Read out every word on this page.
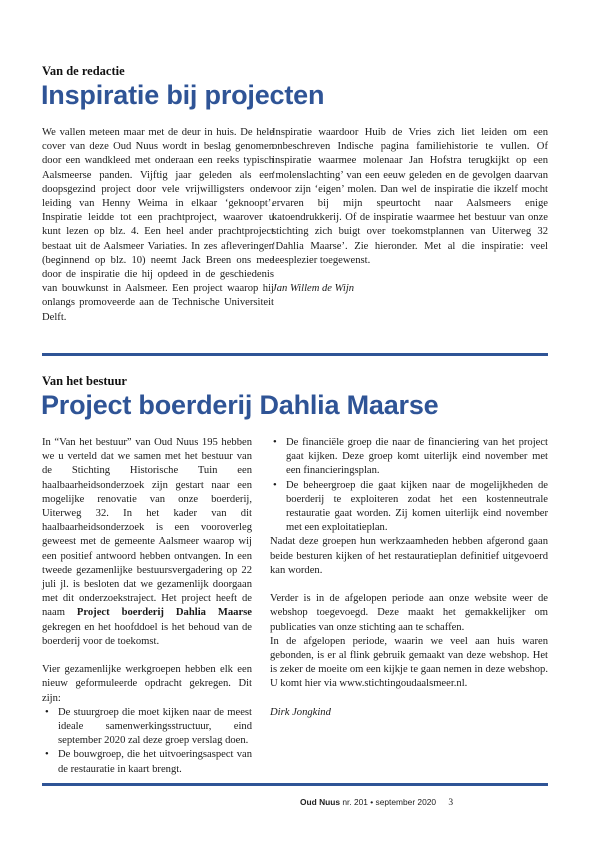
Van de redactie
Inspiratie bij projecten

We vallen meteen maar met de deur in huis. De hele cover van deze Oud Nuus wordt in beslag genomen door een wandkleed met onderaan een reeks typisch Aalsmeerse panden. Vijftig jaar geleden als een doopsgezind project door vele vrijwilligsters onder leiding van Henny Weima in elkaar ‘geknoopt’. Inspiratie leidde tot een prachtproject, waarover u kunt lezen op blz. 4. Een heel ander prachtproject bestaat uit de Aalsmeer Variaties. In zes afleveringen (beginnend op blz. 10) neemt Jack Breen ons mee door de inspiratie die hij opdeed in de geschiedenis van bouwkunst in Aalsmeer. Een project waarop hij onlangs promoveerde aan de Technische Universiteit Delft.

Inspiratie waardoor Huib de Vries zich liet leiden om een onbeschreven Indische pagina familiehistorie te vullen. Of inspiratie waarmee molenaar Jan Hofstra terugkijkt op een ‘molenslachting’ van een eeuw geleden en de gevolgen daarvan voor zijn ‘eigen’ molen. Dan wel de inspiratie die ikzelf mocht ervaren bij mijn speurtocht naar Aalsmeers enige katoendrukkerij. Of de inspiratie waarmee het bestuur van onze stichting zich buigt over toekomstplannen van Uiterweg 32 ‘Dahlia Maarse’. Zie hieronder. Met al die inspiratie: veel leesplezier toegewenst.

Jan Willem de Wijn

Van het bestuur
Project boerderij Dahlia Maarse

In “Van het bestuur” van Oud Nuus 195 hebben we u verteld dat we samen met het bestuur van de Stichting Historische Tuin een haalbaarheidsonderzoek zijn gestart naar een mogelijke renovatie van onze boerderij, Uiterweg 32. In het kader van dit haalbaarheidsonderzoek is een vooroverleg geweest met de gemeente Aalsmeer waarop wij een positief antwoord hebben ontvangen. In een tweede gezamenlijke bestuursvergadering op 22 juli jl. is besloten dat we gezamenlijk doorgaan met dit onderzoekstraject. Het project heeft de naam Project boerderij Dahlia Maarse gekregen en het hoofddoel is het behoud van de boerderij voor de toekomst.

Vier gezamenlijke werkgroepen hebben elk een nieuw geformuleerde opdracht gekregen. Dit zijn:

• De stuurgroep die moet kijken naar de meest ideale samenwerkingsstructuur, eind september 2020 zal deze groep verslag doen.
• De bouwgroep, die het uitvoeringsaspect van de restauratie in kaart brengt.
• De financiële groep die naar de financiering van het project gaat kijken. Deze groep komt uiterlijk eind november met een financieringsplan.
• De beheergroep die gaat kijken naar de mogelijkheden de boerderij te exploiteren zodat het een kostenneutrale restauratie gaat worden. Zij komen uiterlijk eind november met een exploitatieplan.

Nadat deze groepen hun werkzaamheden hebben afgerond gaan beide besturen kijken of het restauratieplan definitief uitgevoerd kan worden.

Verder is in de afgelopen periode aan onze website weer de webshop toegevoegd. Deze maakt het gemakkelijker om publicaties van onze stichting aan te schaffen.

In de afgelopen periode, waarin we veel aan huis waren gebonden, is er al flink gebruik gemaakt van deze webshop. Het is zeker de moeite om een kijkje te gaan nemen in deze webshop. U komt hier via www.stichtingoudaalsmeer.nl.

Dirk Jongkind

Oud Nuus nr. 201 • september 2020 3
